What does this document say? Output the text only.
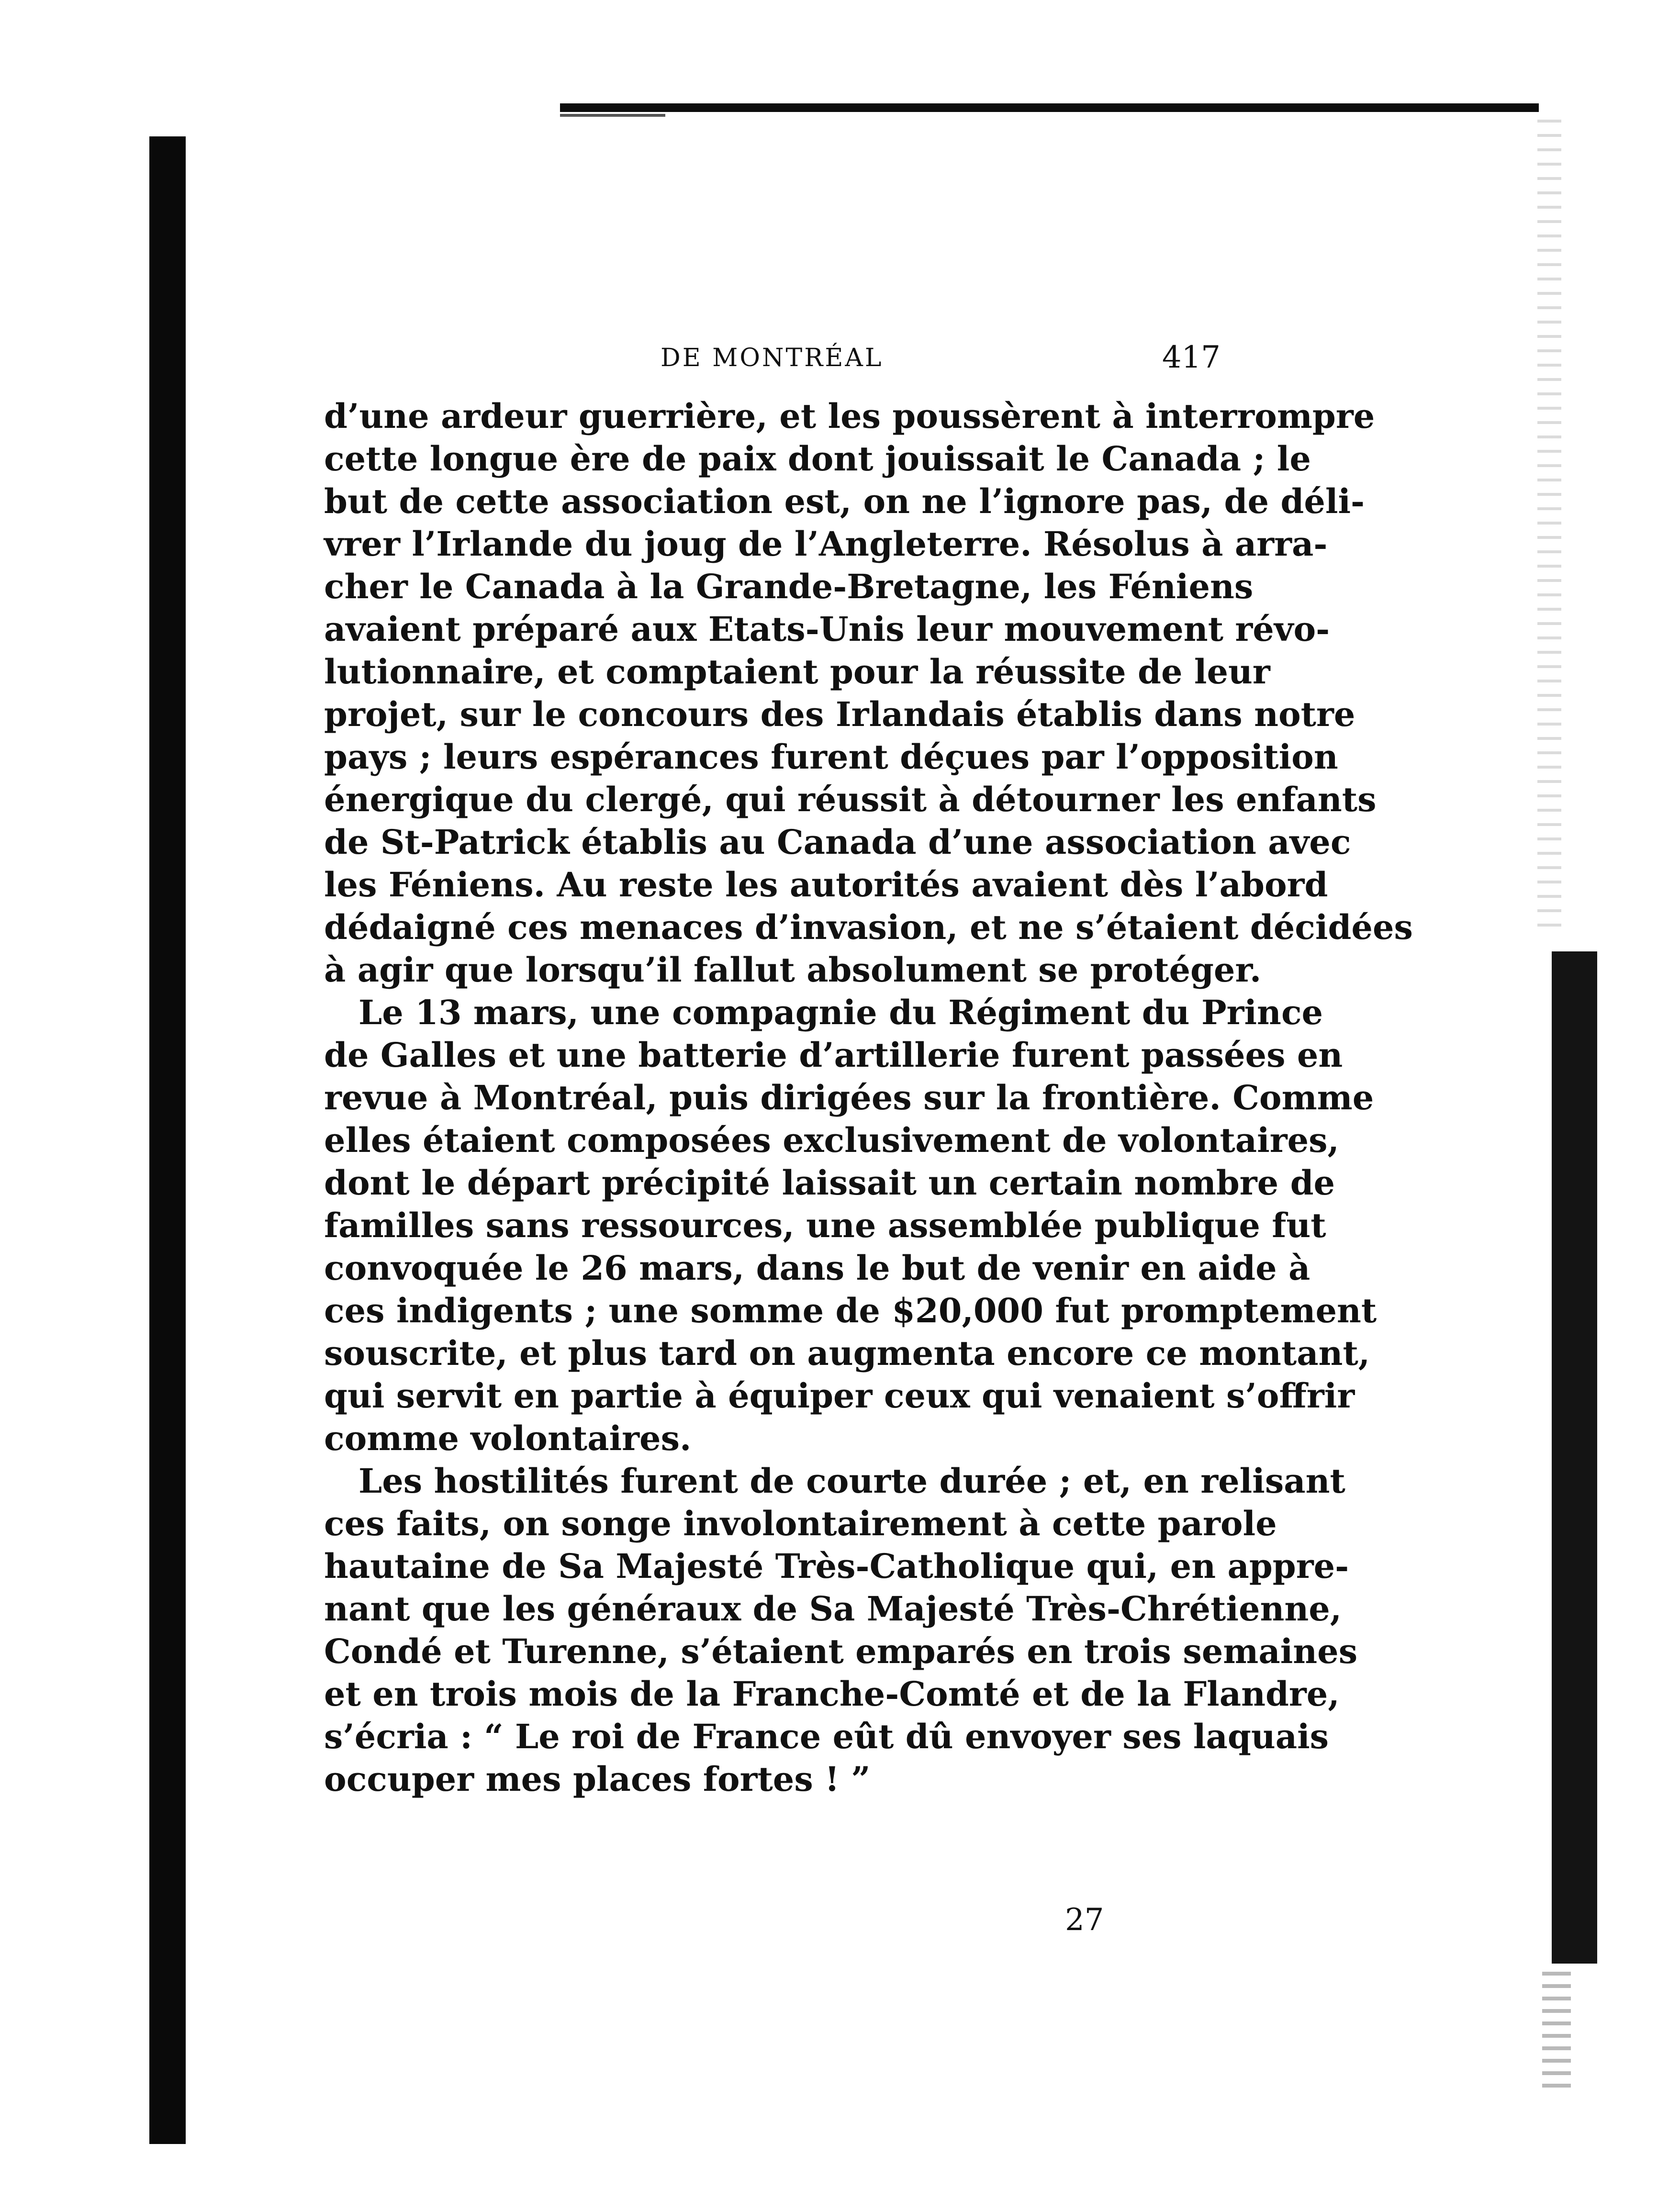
DE MONTRÉAL	417
d’une ardeur guerrière, et les poussèrent à interrompre
cette longue ère de paix dont jouissait le Canada ; le
but de cette association est, on ne l’ignore pas, de déli-
vrer l’Irlande du joug de l’Angleterre. Résolus à arra-
cher le Canada à la Grande-Bretagne, les Féniens
avaient préparé aux Etats-Unis leur mouvement révo-
lutionnaire, et comptaient pour la réussite de leur
projet, sur le concours des Irlandais établis dans notre
pays ; leurs espérances furent déçues par l’opposition
énergique du clergé, qui réussit à détourner les enfants
de St-Patrick établis au Canada d’une association avec
les Féniens. Au reste les autorités avaient dès l’abord
dédaigné ces menaces d’invasion, et ne s’étaient décidées
à agir que lorsqu’il fallut absolument se protéger.
Le 13 mars, une compagnie du Régiment du Prince
de Galles et une batterie d’artillerie furent passées en
revue à Montréal, puis dirigées sur la frontière. Comme
elles étaient composées exclusivement de volontaires,
dont le départ précipité laissait un certain nombre de
familles sans ressources, une assemblée publique fut
convoquée le 26 mars, dans le but de venir en aide à
ces indigents ; une somme de $20,000 fut promptement
souscrite, et plus tard on augmenta encore ce montant,
qui servit en partie à équiper ceux qui venaient s’offrir
comme volontaires.
Les hostilités furent de courte durée ; et, en relisant
ces faits, on songe involontairement à cette parole
hautaine de Sa Majesté Très-Catholique qui, en appre-
nant que les généraux de Sa Majesté Très-Chrétienne,
Condé et Turenne, s’étaient emparés en trois semaines
et en trois mois de la Franche-Comté et de la Flandre,
s’écria : “ Le roi de France eût dû envoyer ses laquais
occuper mes places fortes ! ”
27
